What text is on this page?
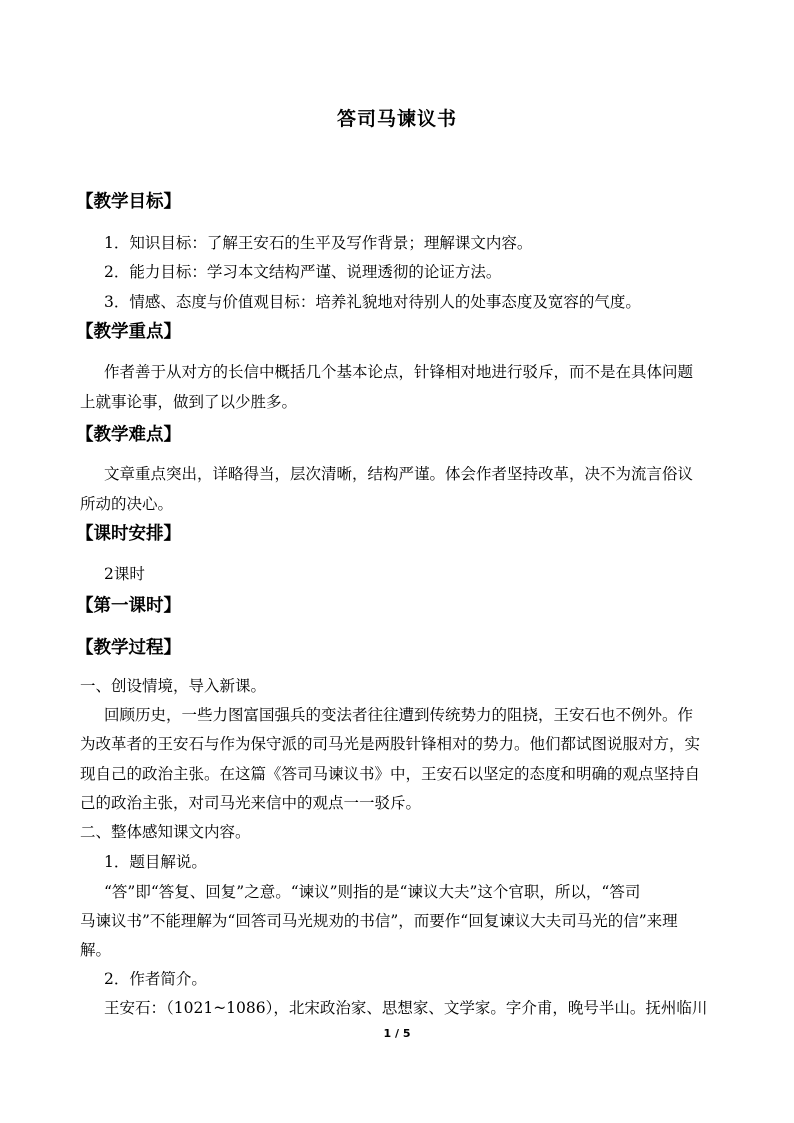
答司马谏议书
【教学目标】
1．知识目标：了解王安石的生平及写作背景；理解课文内容。
2．能力目标：学习本文结构严谨、说理透彻的论证方法。
3．情感、态度与价值观目标：培养礼貌地对待别人的处事态度及宽容的气度。
【教学重点】
作者善于从对方的长信中概括几个基本论点，针锋相对地进行驳斥，而不是在具体问题
上就事论事，做到了以少胜多。
【教学难点】
文章重点突出，详略得当，层次清晰，结构严谨。体会作者坚持改革，决不为流言俗议
所动的决心。
【课时安排】
2课时
【第一课时】
【教学过程】
一、创设情境，导入新课。
回顾历史，一些力图富国强兵的变法者往往遭到传统势力的阻挠，王安石也不例外。作
为改革者的王安石与作为保守派的司马光是两股针锋相对的势力。他们都试图说服对方，实
现自己的政治主张。在这篇《答司马谏议书》中，王安石以坚定的态度和明确的观点坚持自
己的政治主张，对司马光来信中的观点一一驳斥。
二、整体感知课文内容。
1．题目解说。
“答”即“答复、回复”之意。“谏议”则指的是“谏议大夫”这个官职，所以，“答司
马谏议书”不能理解为“回答司马光规劝的书信”，而要作“回复谏议大夫司马光的信”来理
解。
2．作者简介。
王安石：（1021~1086），北宋政治家、思想家、文学家。字介甫，晚号半山。抚州临川
1 / 5
